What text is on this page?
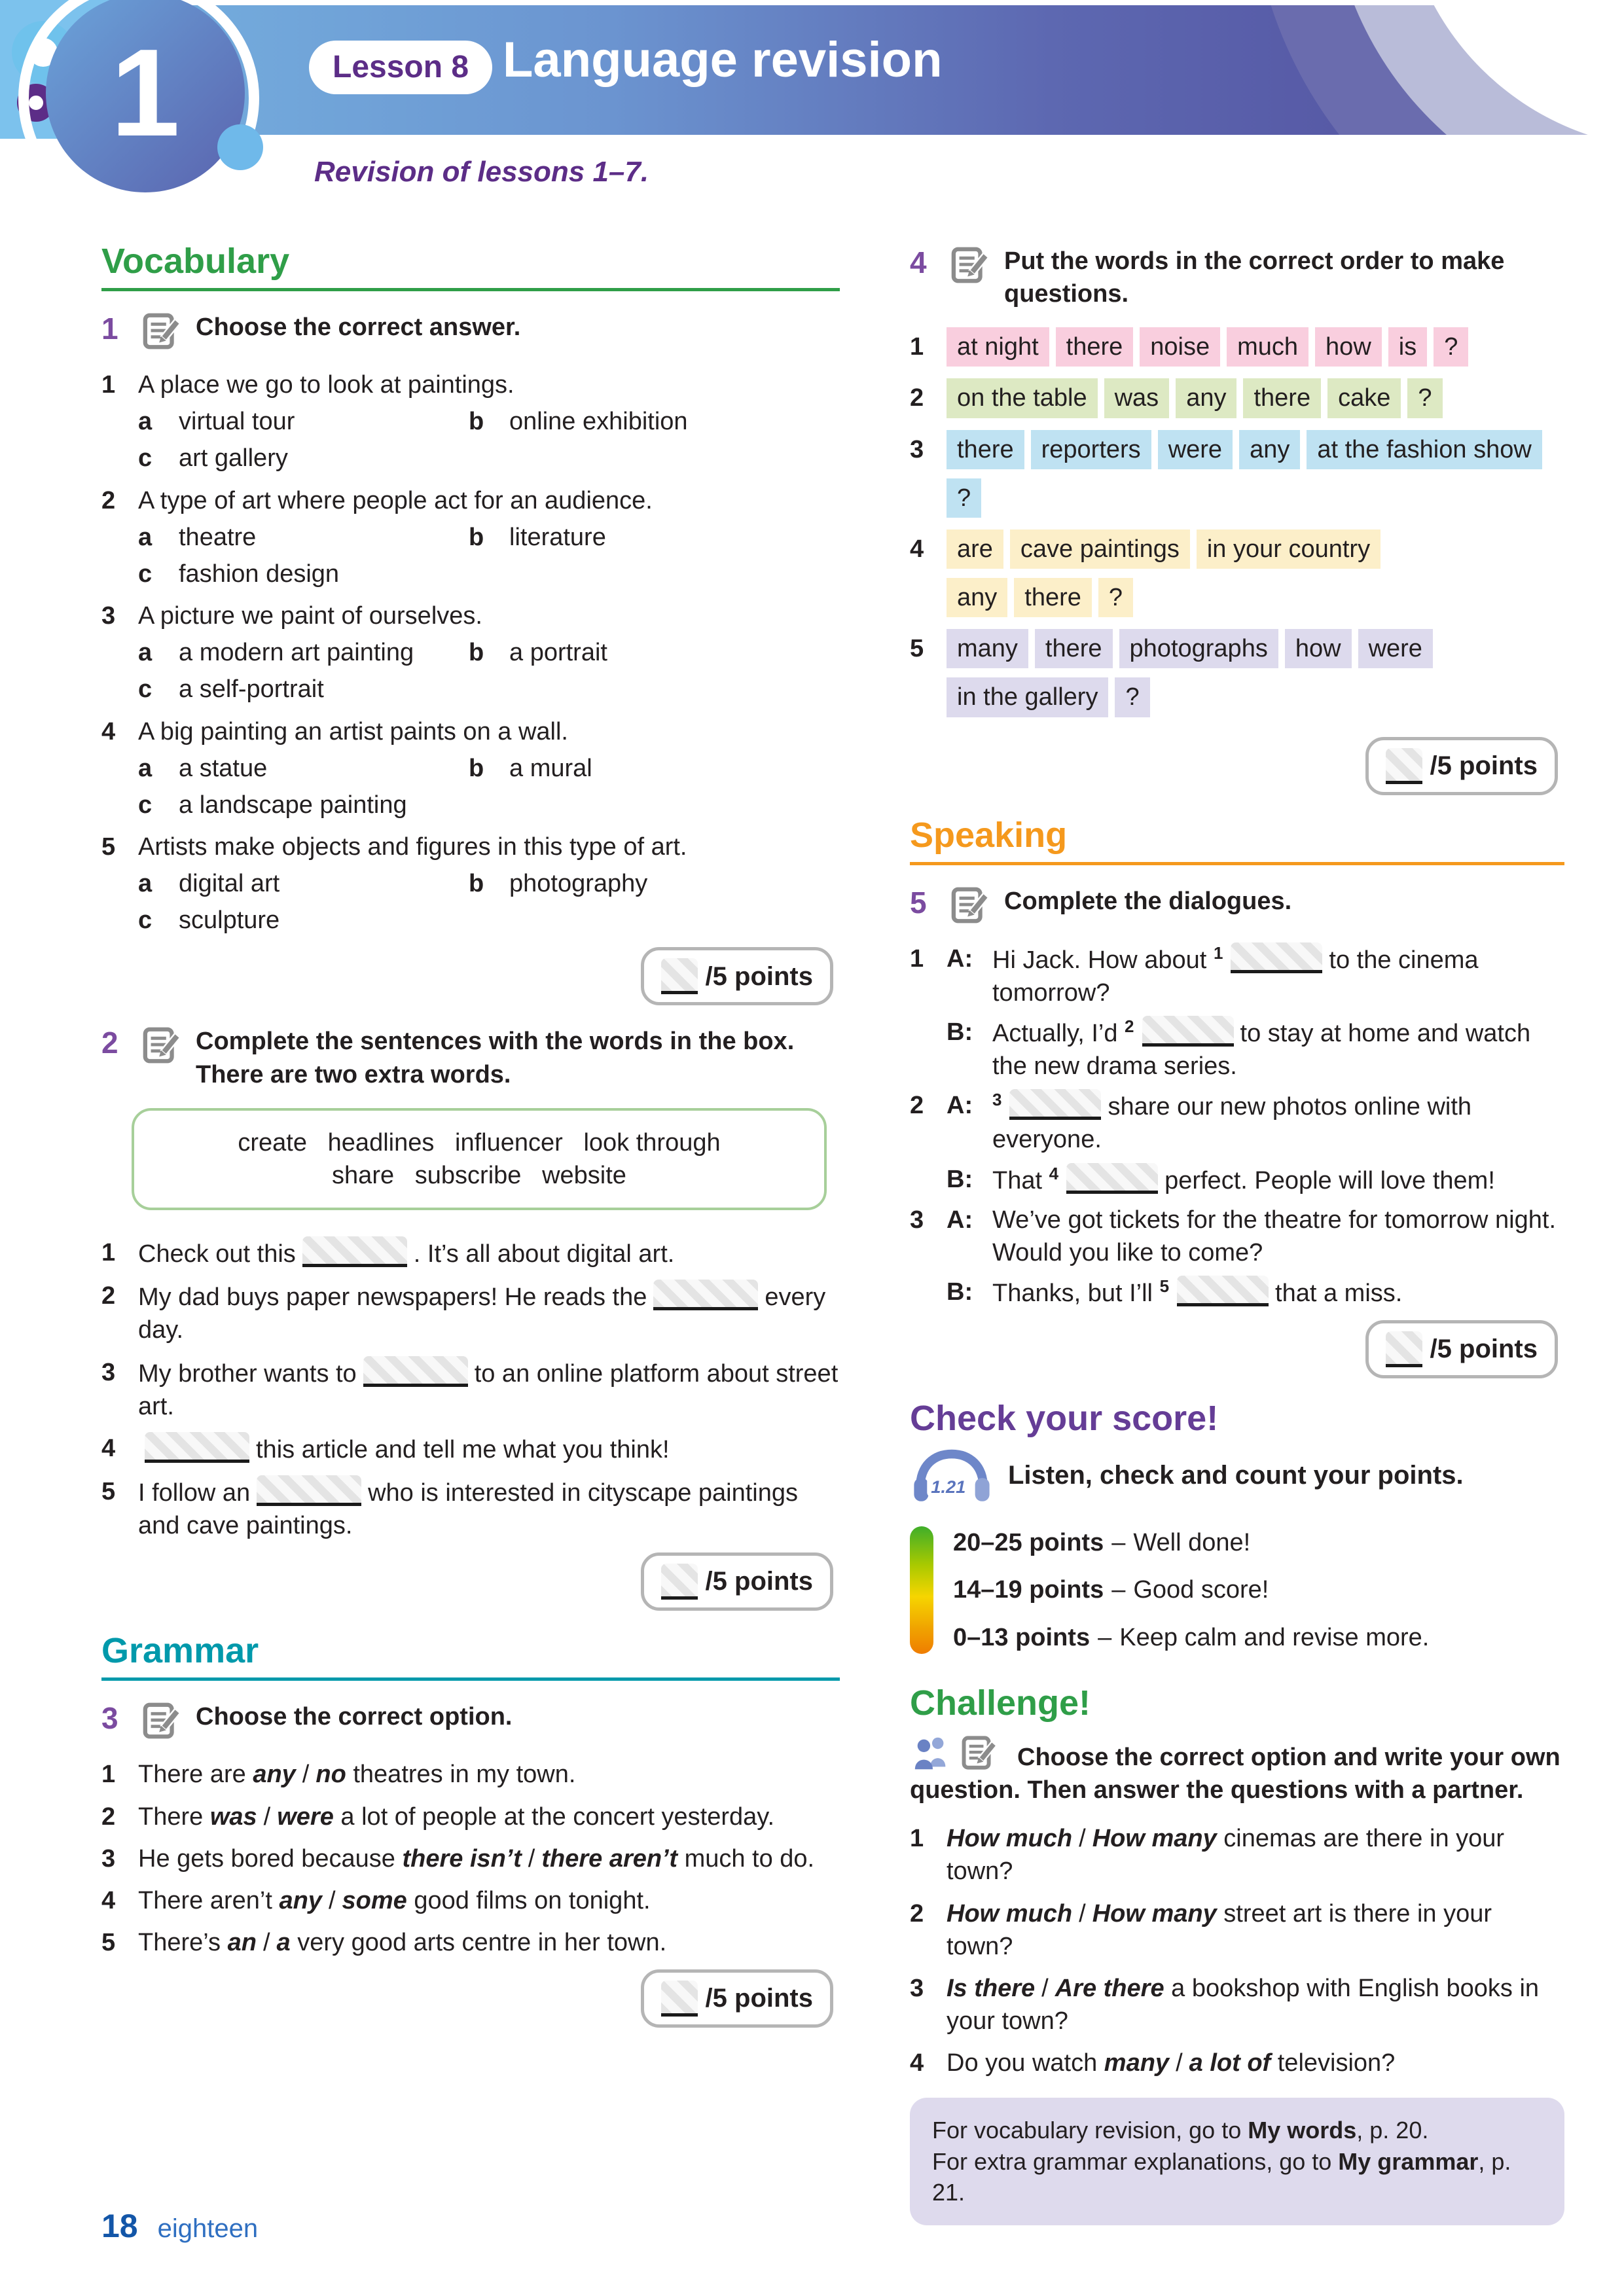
1	Lesson 8 Language revision
Revision of lessons 1–7.
Vocabulary
1	Choose the correct answer.
1 A place we go to look at paintings.
a	virtual tour	b	online exhibition
c	art gallery
2 A type of art where people act for an audience.
a	theatre	b	literature
c	fashion design
3 A picture we paint of ourselves.
a	a modern art painting b	a portrait
c	a self-portrait
4 A big painting an artist paints on a wall.
a	a statue	b	a mural
c	a landscape painting
5 Artists make objects and figures in this type of art.
a	digital art	b	photography
c	sculpture
/5 points
2	Complete the sentences with the words in the box. There are two extra words.
create   headlines   influencer   look through
share   subscribe   website
1 Check out this	. It’s all about digital art.
2 My dad buys paper newspapers! He reads the	every day.
3 My brother wants to	to an online platform about street art.
4	this article and tell me what you think!
5 I follow an	who is interested in cityscape paintings and cave paintings.
/5 points
Grammar
3	Choose the correct option.
1 There are any / no theatres in my town.
2 There was / were a lot of people at the concert yesterday.
3 He gets bored because there isn’t / there aren’t much to do.
4 There aren’t any / some good films on tonight.
5 There’s an / a very good arts centre in her town.
/5 points
4	Put the words in the correct order to make questions.
1	at night	there	noise	much	how	is	?
2	on the table	was	any	there	cake	?
3	there	reporters	were	any	at the fashion show
?
4	are	cave paintings	in your country
any	there	?
5	many	there	photographs	how	were
in the gallery	?
/5 points
Speaking
5	Complete the dialogues.
1 A: Hi Jack. How about $^1$	to the cinema tomorrow?
B: Actually, I’d $^2$	to stay at home and watch the new drama series.
2 A:	$^3$	share our new photos online with everyone.
B: That $^4$	perfect. People will love them!
3 A: We’ve got tickets for the theatre for tomorrow night. Would you like to come?
B: Thanks, but I’ll $^5$	that a miss.
/5 points
Check your score!
1.21 Listen, check and count your points.
20–25 points – Well done!
14–19 points – Good score!
0–13 points – Keep calm and revise more.
Challenge!
Choose the correct option and write your own question. Then answer the questions with a partner.
1 How much / How many cinemas are there in your town?
2 How much / How many street art is there in your town?
3 Is there / Are there a bookshop with English books in your town?
4 Do you watch many / a lot of television?
For vocabulary revision, go to My words, p. 20.
For extra grammar explanations, go to My grammar, p. 21.
18 eighteen
